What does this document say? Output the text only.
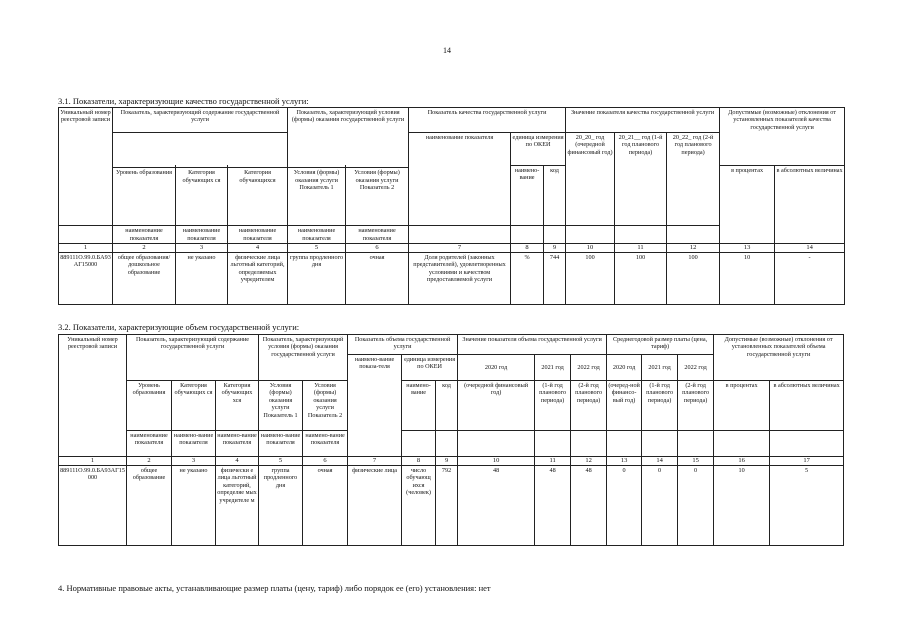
14
3.1. Показатели, характеризующие качество государственной услуги:
Уникальный номер реестровой записи	Показатель, характеризующий содержание государственной услуги			Показатель, характеризующий условия (формы) оказания государственной услуги		Показатель качества государственной услуги			Значение показателя качества государственной услуги			Допустимые (возможные) отклонения от установленных показателей качества государственной услуги	
						наименование показателя	единица измерения по ОКЕИ		20_20_ год (очередной финансовый год)	20_21__ год (1-й год планового периода)	20_22_ год (2-й год планового периода)		
							наимено-вание	код				в процентах	в абсолютных величинах
	Уровень образования	Категория обучающих ся	Категория обучающихся	Условия (формы) оказания услуги Показатель 1	Условия (формы) оказания услуги Показатель 2								
	наименование показателя	наименование показателя	наименование показателя	наименование показателя	наименование показателя								
1	2	3	4	5	6	7	8	9	10	11	12	13	14
889111О.99.0.БА93АГ15000	общее образования/ дошкольное образование	не указано	физические лица льготный категорий, определяемых учредителем	группа продленного дня	очная	Доля родителей (законных представителей), удовлетворенных условиями и качеством предоставляемой услуги	%	744	100	100	100	10	-
3.2. Показатели, характеризующие объем государственной услуги:
Уникальный номер реестровой записи	Показатель, характеризующий содержание государственной услуги			Показатель, характеризующий условия (формы) оказания государственной услуги		Показатель объема государственной услуги			Значение показателя объема государственной услуги			Среднегодовой размер платы (цена, тариф)			Допустимые (возможные) отклонения от установленных показателей объема государственной услуги	
						наимено-вание показа-теля	единица измерения по ОКЕИ		2020 год	2021 год	2022 год	2020 год	2021 год	2022 год		
	Уровень образования	Категория обучающих ся	Категория обучающих хся	Условия (формы) оказания услуги Показатель 1	Условия (формы) оказания услуги Показатель 2		наимено-вание	код	(очередной финансовый год)	(1-й год планового периода)	(2-й год планового периода)	(очеред-ной финансо-вый год)	(1-й год планового периода)	(2-й год планового периода)	в процентах	в абсолютных величинах
	наименование показателя	наимено-вание показателя	наимено-вание показателя	наимено-вание показателя	наимено-вание показателя											
1	2	3	4	5	6	7	8	9	10	11	12	13	14	15	16	17
889111О.99.0.БА93АГ15000	общее образование	не указано	физически е лица льготный категорий, определяе мых учредителе м	группа продленного дня	очная	физические лица	число обучающ ихся (человек)	792	48	48	48	0	0	0	10	5
4. Нормативные правовые акты, устанавливающие размер платы (цену, тариф) либо порядок ее (его) установления: нет
